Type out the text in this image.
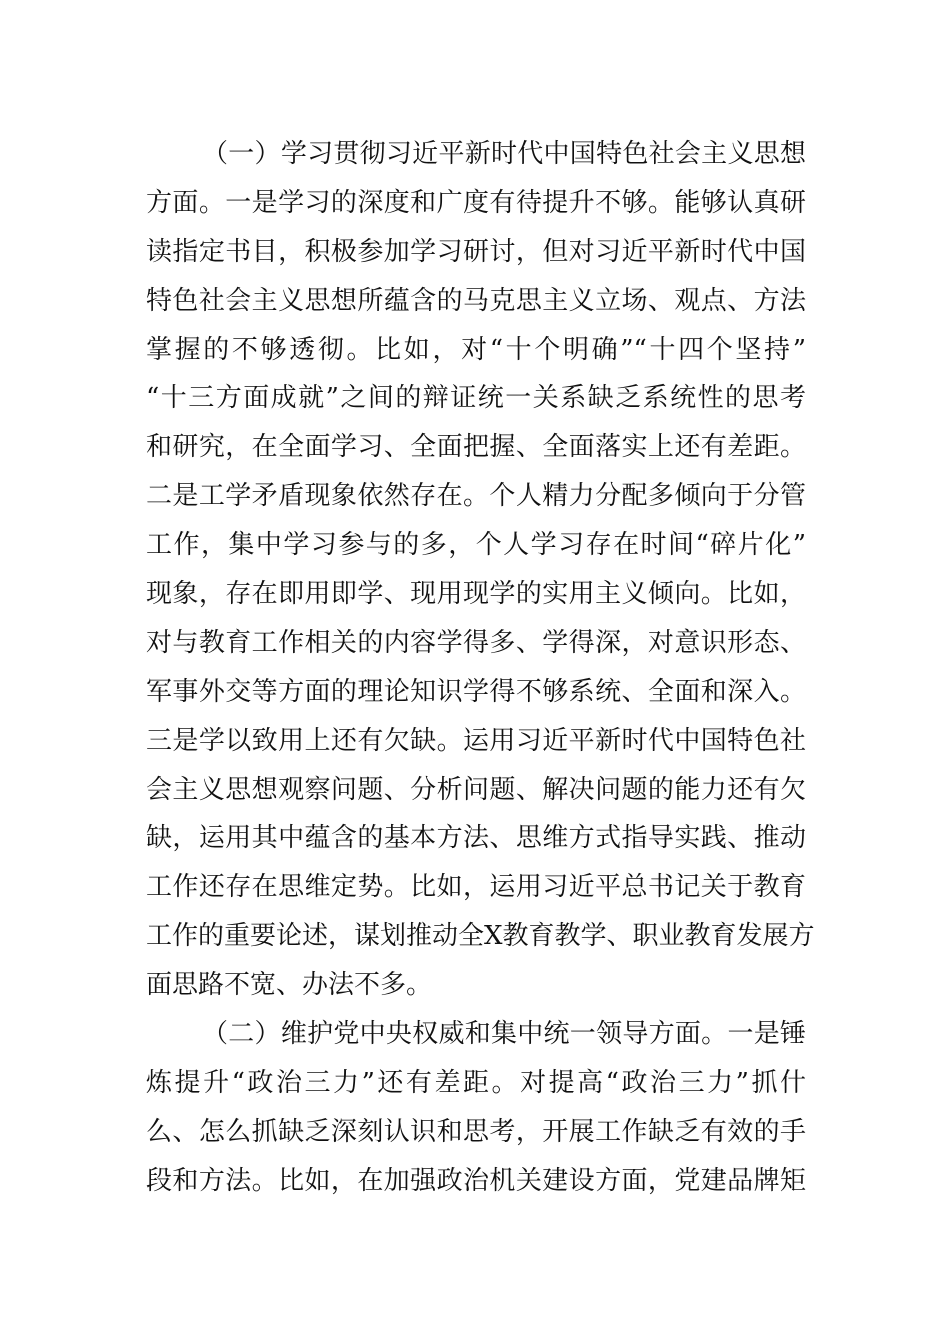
（一）学习贯彻习近平新时代中国特色社会主义思想
方面。一是学习的深度和广度有待提升不够。能够认真研
读指定书目，积极参加学习研讨，但对习近平新时代中国
特色社会主义思想所蕴含的马克思主义立场、观点、方法
掌握的不够透彻。比如，对“十个明确”“十四个坚持”
“十三方面成就”之间的辩证统一关系缺乏系统性的思考
和研究，在全面学习、全面把握、全面落实上还有差距。
二是工学矛盾现象依然存在。个人精力分配多倾向于分管
工作，集中学习参与的多，个人学习存在时间“碎片化”
现象，存在即用即学、现用现学的实用主义倾向。比如，
对与教育工作相关的内容学得多、学得深，对意识形态、
军事外交等方面的理论知识学得不够系统、全面和深入。
三是学以致用上还有欠缺。运用习近平新时代中国特色社
会主义思想观察问题、分析问题、解决问题的能力还有欠
缺，运用其中蕴含的基本方法、思维方式指导实践、推动
工作还存在思维定势。比如，运用习近平总书记关于教育
工作的重要论述，谋划推动全X教育教学、职业教育发展方
面思路不宽、办法不多。
（二）维护党中央权威和集中统一领导方面。一是锤
炼提升“政治三力”还有差距。对提高“政治三力”抓什
么、怎么抓缺乏深刻认识和思考，开展工作缺乏有效的手
段和方法。比如，在加强政治机关建设方面，党建品牌矩
